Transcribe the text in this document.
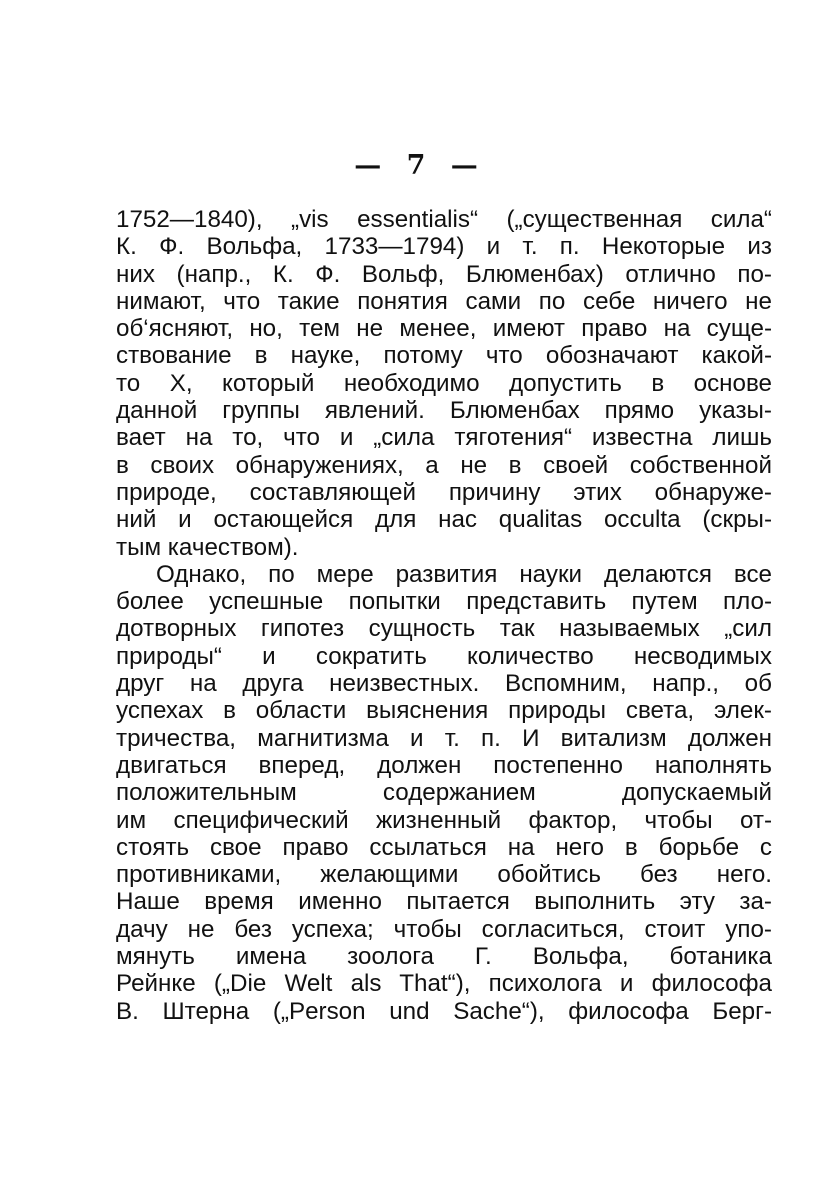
— 7 —
1752—1840), „vis essentialis“ („существенная сила“
К. Ф. Вольфа, 1733—1794) и т. п. Некоторые из
них (напр., К. Ф. Вольф, Блюменбах) отлично по-
нимают, что такие понятия сами по себе ничего не
об‘ясняют, но, тем не менее, имеют право на суще-
ствование в науке, потому что обозначают какой-
то X, который необходимо допустить в основе
данной группы явлений. Блюменбах прямо указы-
вает на то, что и „сила тяготения“ известна лишь
в своих обнаружениях, а не в своей собственной
природе, составляющей причину этих обнаруже-
ний и остающейся для нас qualitas occulta (скры-
тым качеством).
Однако, по мере развития науки делаются все
более успешные попытки представить путем пло-
дотворных гипотез сущность так называемых „сил
природы“ и сократить количество несводимых
друг на друга неизвестных. Вспомним, напр., об
успехах в области выяснения природы света, элек-
тричества, магнитизма и т. п. И витализм должен
двигаться вперед, должен постепенно наполнять
положительным содержанием допускаемый
им специфический жизненный фактор, чтобы от-
стоять свое право ссылаться на него в борьбе с
противниками, желающими обойтись без него.
Наше время именно пытается выполнить эту за-
дачу не без успеха; чтобы согласиться, стоит упо-
мянуть имена зоолога Г. Вольфа, ботаника
Рейнке („Die Welt als That“), психолога и философа
В. Штерна („Person und Sache“), философа Берг-
